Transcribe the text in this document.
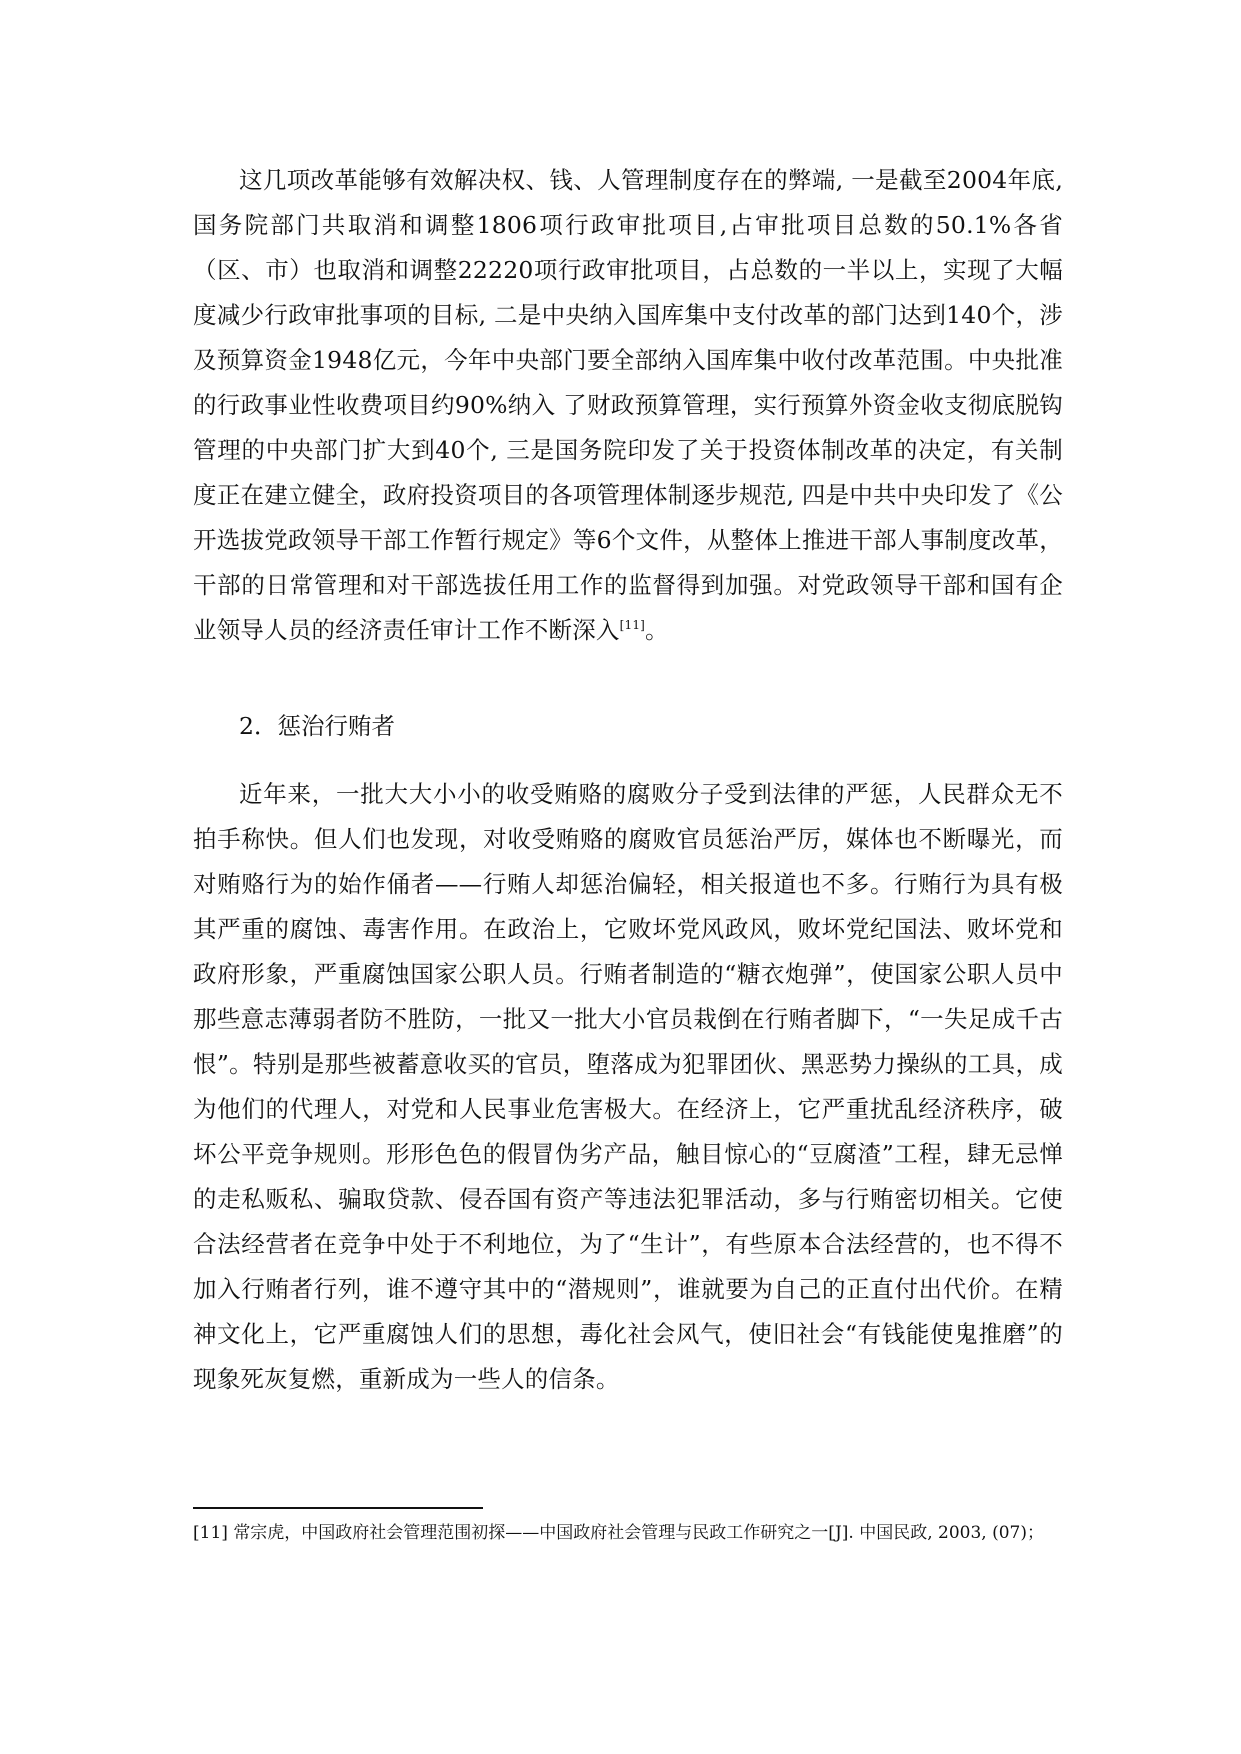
这几项改革能够有效解决权、钱、人管理制度存在的弊端, 一是截至2004年底,国务院部门共取消和调整1806项行政审批项目,占审批项目总数的50.1%各省（区、市）也取消和调整22220项行政审批项目，占总数的一半以上，实现了大幅度减少行政审批事项的目标, 二是中央纳入国库集中支付改革的部门达到140个，涉及预算资金1948亿元，今年中央部门要全部纳入国库集中收付改革范围。中央批准的行政事业性收费项目约90%纳入 了财政预算管理，实行预算外资金收支彻底脱钩管理的中央部门扩大到40个, 三是国务院印发了关于投资体制改革的决定，有关制度正在建立健全，政府投资项目的各项管理体制逐步规范, 四是中共中央印发了《公开选拔党政领导干部工作暂行规定》等6个文件，从整体上推进干部人事制度改革，干部的日常管理和对干部选拔任用工作的监督得到加强。对党政领导干部和国有企业领导人员的经济责任审计工作不断深入[11]。

2．惩治行贿者

近年来，一批大大小小的收受贿赂的腐败分子受到法律的严惩，人民群众无不拍手称快。但人们也发现，对收受贿赂的腐败官员惩治严厉，媒体也不断曝光，而对贿赂行为的始作俑者——行贿人却惩治偏轻，相关报道也不多。行贿行为具有极其严重的腐蚀、毒害作用。在政治上，它败坏党风政风，败坏党纪国法、败坏党和政府形象，严重腐蚀国家公职人员。行贿者制造的“糖衣炮弹”，使国家公职人员中那些意志薄弱者防不胜防，一批又一批大小官员栽倒在行贿者脚下，“一失足成千古恨”。特别是那些被蓄意收买的官员，堕落成为犯罪团伙、黑恶势力操纵的工具，成为他们的代理人，对党和人民事业危害极大。在经济上，它严重扰乱经济秩序，破坏公平竞争规则。形形色色的假冒伪劣产品，触目惊心的“豆腐渣”工程，肆无忌惮的走私贩私、骗取贷款、侵吞国有资产等违法犯罪活动，多与行贿密切相关。它使合法经营者在竞争中处于不利地位，为了“生计”，有些原本合法经营的，也不得不加入行贿者行列，谁不遵守其中的“潜规则”，谁就要为自己的正直付出代价。在精神文化上，它严重腐蚀人们的思想，毒化社会风气，使旧社会“有钱能使鬼推磨”的现象死灰复燃，重新成为一些人的信条。

[11] 常宗虎，中国政府社会管理范围初探——中国政府社会管理与民政工作研究之一[J]. 中国民政, 2003, (07)；
